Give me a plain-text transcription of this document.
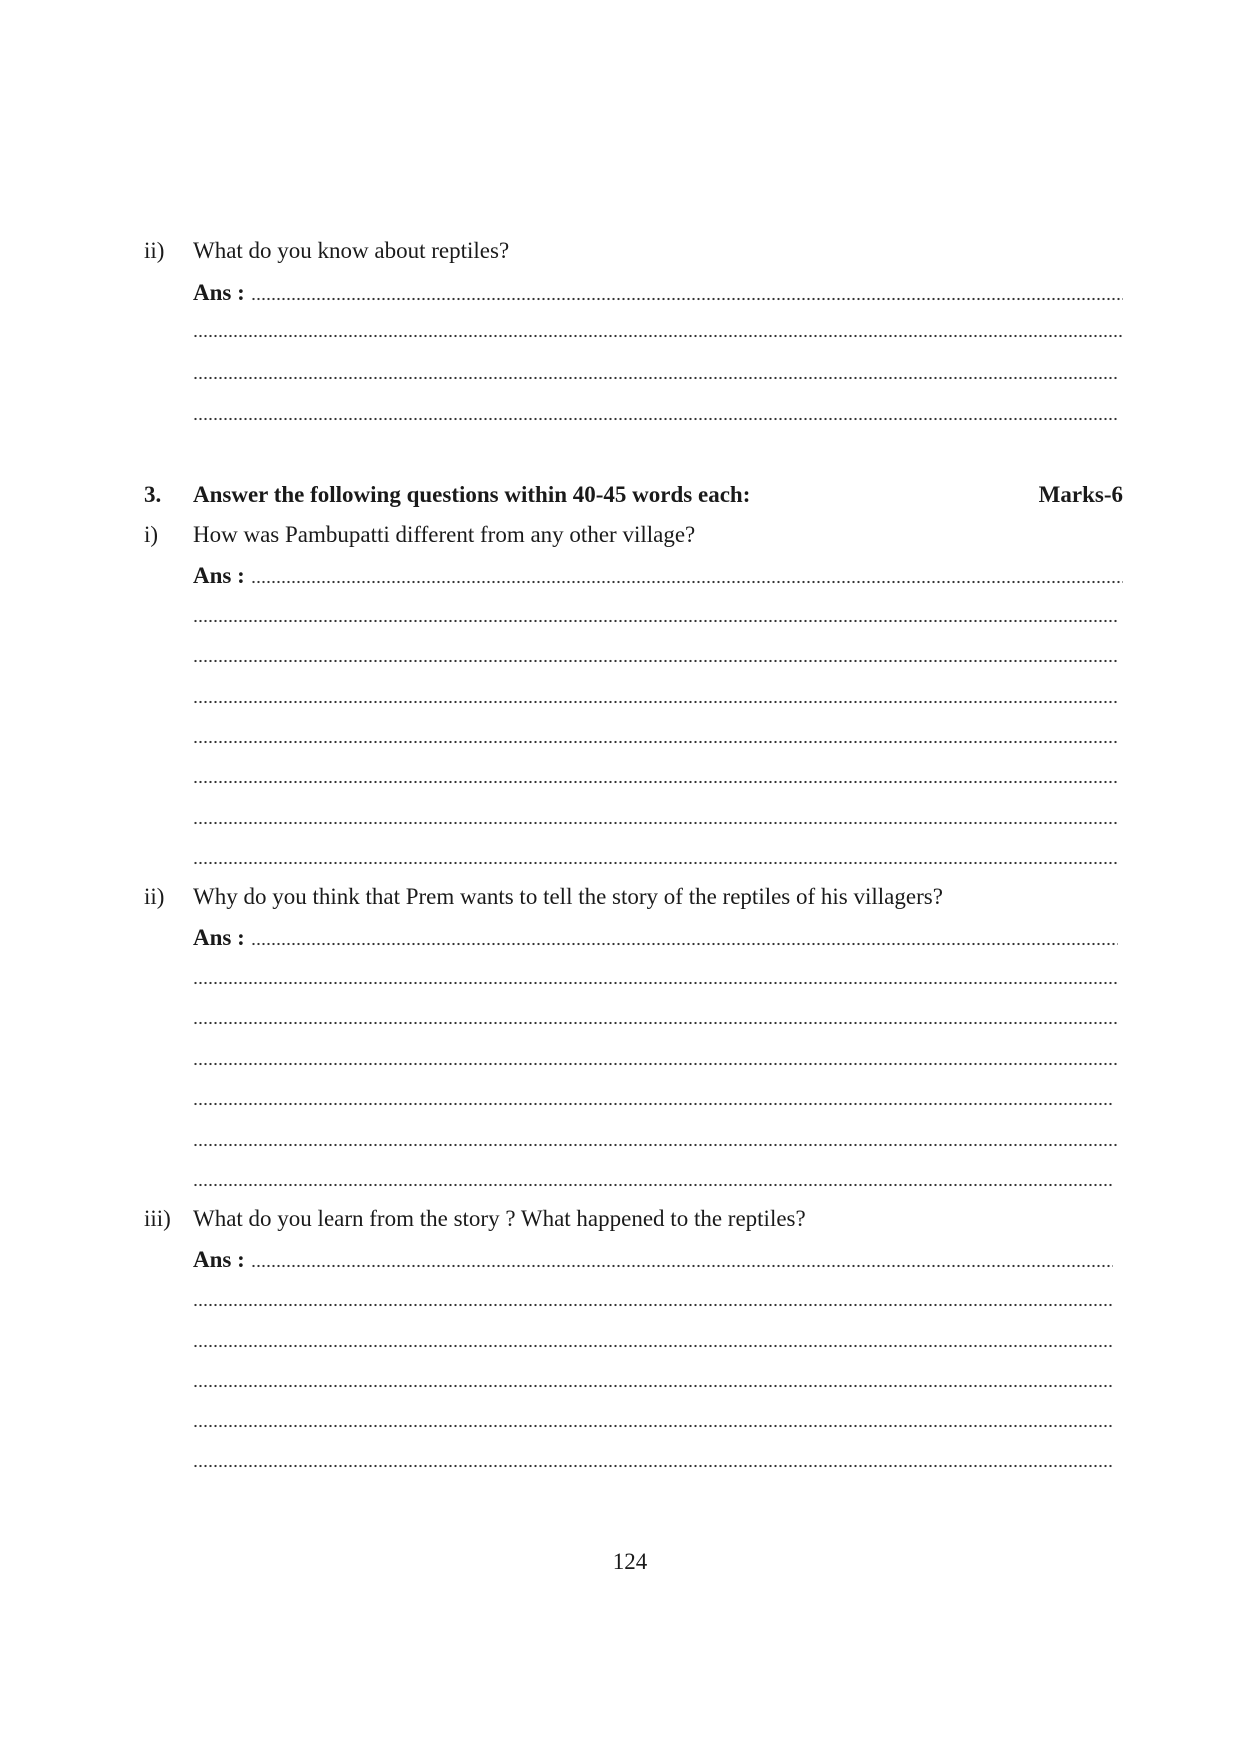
ii) What do you know about reptiles?
Ans :
3. Answer the following questions within 40-45 words each:	Marks-6
i) How was Pambupatti different from any other village?
Ans :
ii) Why do you think that Prem wants to tell the story of the reptiles of his villagers?
Ans :
iii) What do you learn from the story ? What happened to the reptiles?
Ans :
124
